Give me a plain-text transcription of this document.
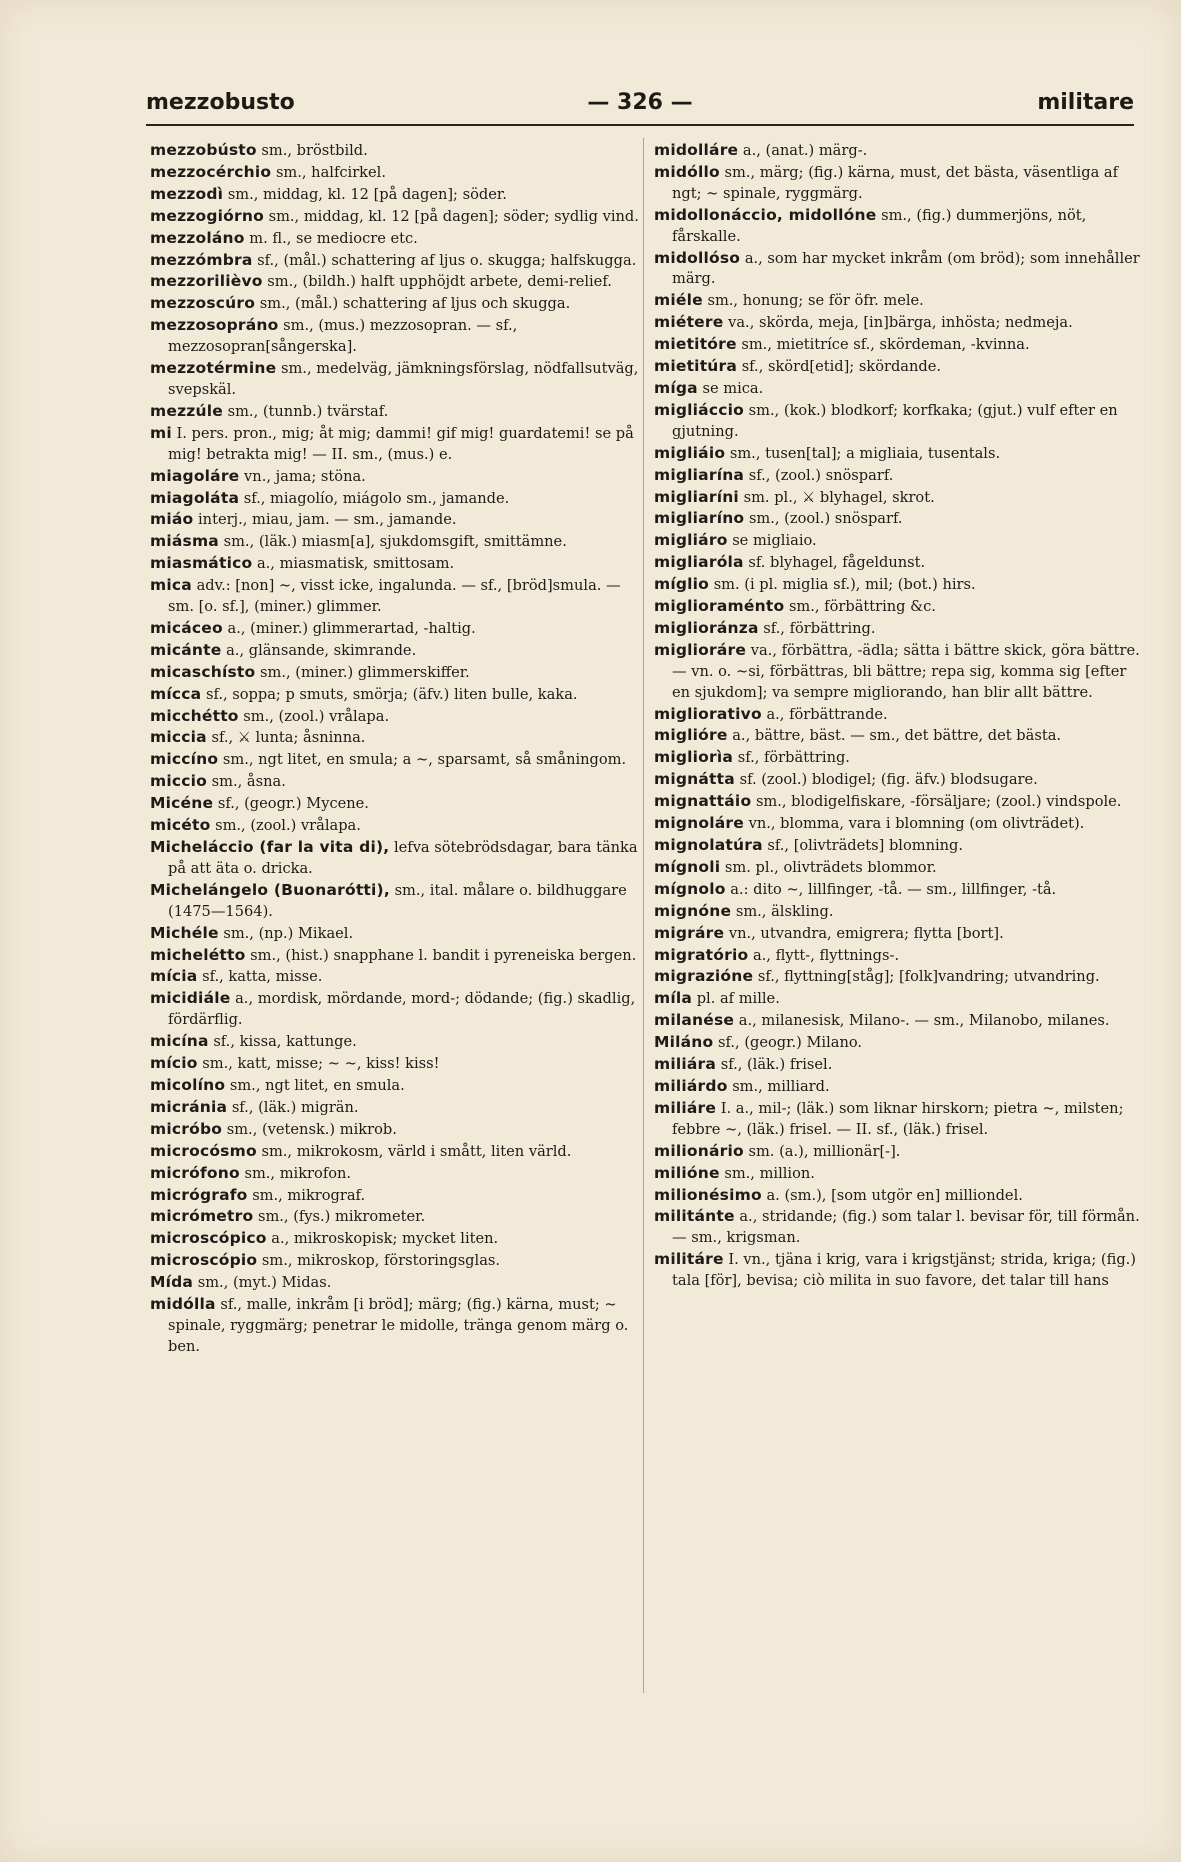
mezzobusto	— 326 —	militare
mezzobústo sm., bröstbild.
mezzocérchio sm., halfcirkel.
mezzodì sm., middag, kl. 12 [på dagen]; söder.
mezzogiórno sm., middag, kl. 12 [på dagen]; söder; sydlig vind.
mezzoláno m. fl., se mediocre etc.
mezzómbra sf., (mål.) schattering af ljus o. skugga; halfskugga.
mezzorilièvo sm., (bildh.) halft upphöjdt arbete, demi-relief.
mezzoscúro sm., (mål.) schattering af ljus och skugga.
mezzosopráno sm., (mus.) mezzosopran. — sf., mezzosopran[sångerska].
mezzotérmine sm., medelväg, jämkningsförslag, nödfallsutväg, svepskäl.
mezzúle sm., (tunnb.) tvärstaf.
mi I. pers. pron., mig; åt mig; dammi! gif mig! guardatemi! se på mig! betrakta mig! — II. sm., (mus.) e.
miagoláre vn., jama; stöna.
miagoláta sf., miagolío, miágolo sm., jamande.
miáo interj., miau, jam. — sm., jamande.
miásma sm., (läk.) miasm[a], sjukdomsgift, smittämne.
miasmático a., miasmatisk, smittosam.
mica adv.: [non] ~, visst icke, ingalunda. — sf., [bröd]smula. — sm. [o. sf.], (miner.) glimmer.
micáceo a., (miner.) glimmerartad, -haltig.
micánte a., glänsande, skimrande.
micaschísto sm., (miner.) glimmerskiffer.
mícca sf., soppa; p smuts, smörja; (äfv.) liten bulle, kaka.
micchétto sm., (zool.) vrålapa.
miccia sf., ⚔ lunta; åsninna.
miccíno sm., ngt litet, en smula; a ~, sparsamt, så småningom.
miccio sm., åsna.
Micéne sf., (geogr.) Mycene.
micéto sm., (zool.) vrålapa.
Micheláccio (far la vita di), lefva sötebrödsdagar, bara tänka på att äta o. dricka.
Michelángelo (Buonarótti), sm., ital. målare o. bildhuggare (1475—1564).
Michéle sm., (np.) Mikael.
michelétto sm., (hist.) snapphane l. bandit i pyreneiska bergen.
mícia sf., katta, misse.
micidiále a., mordisk, mördande, mord-; dödande; (fig.) skadlig, fördärflig.
micína sf., kissa, kattunge.
mício sm., katt, misse; ~ ~, kiss! kiss!
micolíno sm., ngt litet, en smula.
micránia sf., (läk.) migrän.
micróbo sm., (vetensk.) mikrob.
microcósmo sm., mikrokosm, värld i smått, liten värld.
micrófono sm., mikrofon.
micrógrafo sm., mikrograf.
micrómetro sm., (fys.) mikrometer.
microscópico a., mikroskopisk; mycket liten.
microscópio sm., mikroskop, förstoringsglas.
Mída sm., (myt.) Midas.
midólla sf., malle, inkråm [i bröd]; märg; (fig.) kärna, must; ~ spinale, ryggmärg; penetrar le midolle, tränga genom märg o. ben.
midolláre a., (anat.) märg-.
midóllo sm., märg; (fig.) kärna, must, det bästa, väsentliga af ngt; ~ spinale, ryggmärg.
midollonáccio, midollóne sm., (fig.) dummerjöns, nöt, fårskalle.
midollóso a., som har mycket inkråm (om bröd); som innehåller märg.
miéle sm., honung; se för öfr. mele.
miétere va., skörda, meja, [in]bärga, inhösta; nedmeja.
mietitóre sm., mietitríce sf., skördeman, -kvinna.
mietitúra sf., skörd[etid]; skördande.
míga se mica.
migliáccio sm., (kok.) blodkorf; korfkaka; (gjut.) vulf efter en gjutning.
migliáio sm., tusen[tal]; a migliaia, tusentals.
migliarína sf., (zool.) snösparf.
migliaríni sm. pl., ⚔ blyhagel, skrot.
migliaríno sm., (zool.) snösparf.
migliáro se migliaio.
migliaróla sf. blyhagel, fågeldunst.
míglio sm. (i pl. miglia sf.), mil; (bot.) hirs.
miglioraménto sm., förbättring &c.
miglioránza sf., förbättring.
miglioráre va., förbättra, -ädla; sätta i bättre skick, göra bättre. — vn. o. ~si, förbättras, bli bättre; repa sig, komma sig [efter en sjukdom]; va sempre migliorando, han blir allt bättre.
migliorativo a., förbättrande.
miglióre a., bättre, bäst. — sm., det bättre, det bästa.
migliorìa sf., förbättring.
mignátta sf. (zool.) blodigel; (fig. äfv.) blodsugare.
mignattáio sm., blodigelfiskare, -försäljare; (zool.) vindspole.
mignoláre vn., blomma, vara i blomning (om olivträdet).
mignolatúra sf., [olivträdets] blomning.
mígnoli sm. pl., olivträdets blommor.
mígnolo a.: dito ~, lillfinger, -tå. — sm., lillfinger, -tå.
mignóne sm., älskling.
migráre vn., utvandra, emigrera; flytta [bort].
migratório a., flytt-, flyttnings-.
migrazióne sf., flyttning[ståg]; [folk]vandring; utvandring.
míla pl. af mille.
milanése a., milanesisk, Milano-. — sm., Milanobo, milanes.
Miláno sf., (geogr.) Milano.
miliára sf., (läk.) frisel.
miliárdo sm., milliard.
miliáre I. a., mil-; (läk.) som liknar hirskorn; pietra ~, milsten; febbre ~, (läk.) frisel. — II. sf., (läk.) frisel.
milionário sm. (a.), millionär[-].
milióne sm., million.
milionésimo a. (sm.), [som utgör en] milliondel.
militánte a., stridande; (fig.) som talar l. bevisar för, till förmån. — sm., krigsman.
militáre I. vn., tjäna i krig, vara i krigstjänst; strida, kriga; (fig.) tala [för], bevisa; ciò milita in suo favore, det talar till hans
